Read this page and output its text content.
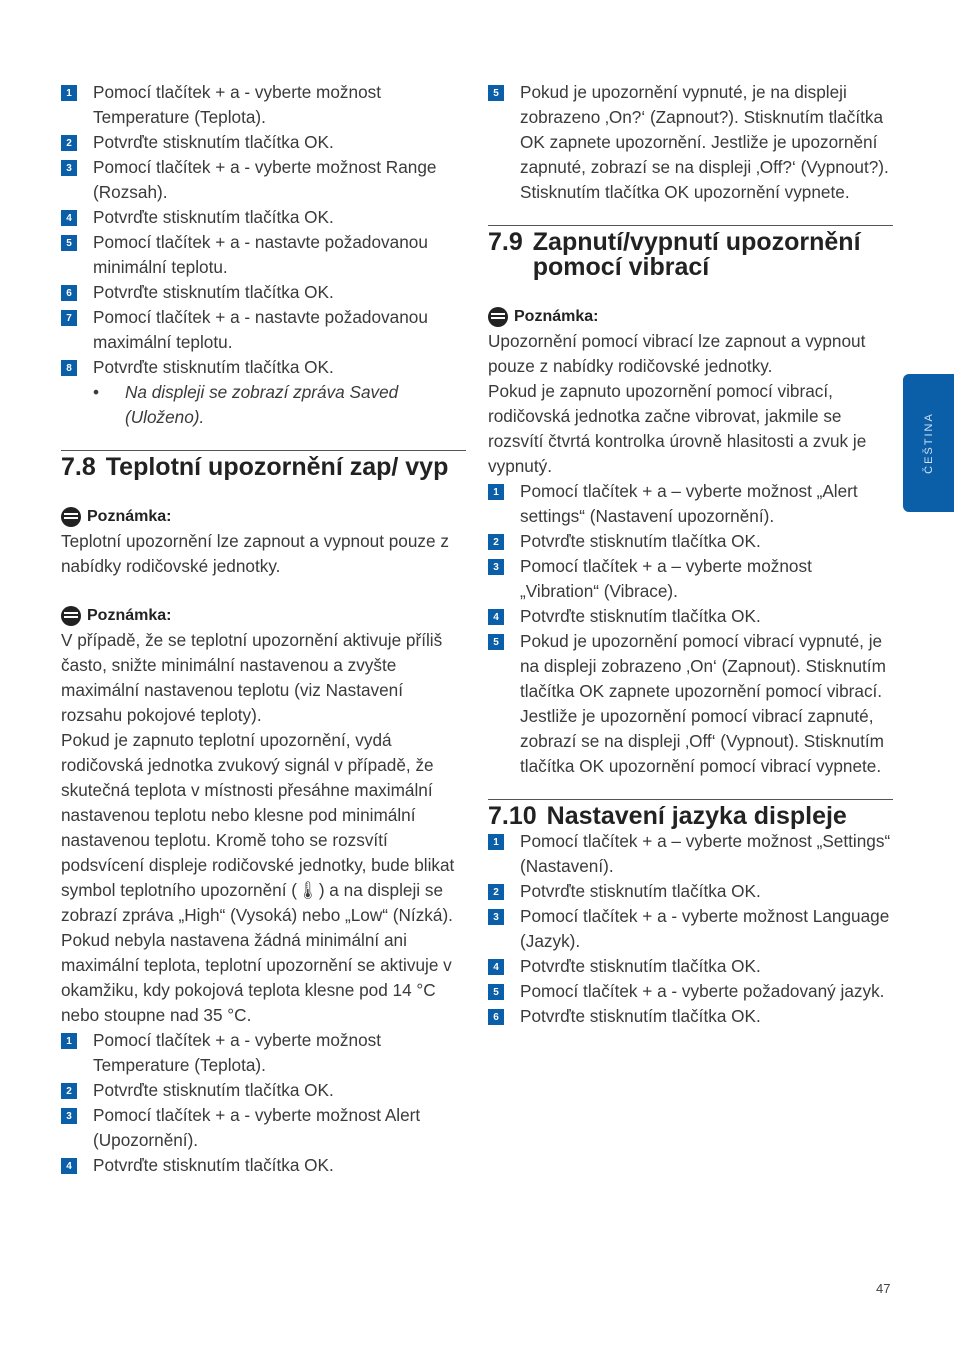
1	Pomocí tlačítek + a - vyberte možnost Temperature (Teplota).
2	Potvrďte stisknutím tlačítka OK.
3	Pomocí tlačítek + a - vyberte možnost Range (Rozsah).
4	Potvrďte stisknutím tlačítka OK.
5	Pomocí tlačítek + a - nastavte požadovanou minimální teplotu.
6	Potvrďte stisknutím tlačítka OK.
7	Pomocí tlačítek + a - nastavte požadovanou maximální teplotu.
8	Potvrďte stisknutím tlačítka OK.
•	Na displeji se zobrazí zpráva Saved (Uloženo).
7.8 Teplotní upozornění zap/ vyp
Poznámka:
Teplotní upozornění lze zapnout a vypnout pouze z nabídky rodičovské jednotky.
Poznámka:
V případě, že se teplotní upozornění aktivuje příliš často, snižte minimální nastavenou a zvyšte maximální nastavenou teplotu (viz Nastavení rozsahu pokojové teploty).
Pokud je zapnuto teplotní upozornění, vydá rodičovská jednotka zvukový signál v případě, že skutečná teplota v místnosti přesáhne maximální nastavenou teplotu nebo klesne pod minimální nastavenou teplotu. Kromě toho se rozsvítí podsvícení displeje rodičovské jednotky, bude blikat symbol teplotního upozornění (🌡) a na displeji se zobrazí zpráva „High“ (Vysoká) nebo „Low“ (Nízká). Pokud nebyla nastavena žádná minimální ani maximální teplota, teplotní upozornění se aktivuje v okamžiku, kdy pokojová teplota klesne pod 14 °C nebo stoupne nad 35 °C.
1	Pomocí tlačítek + a - vyberte možnost Temperature (Teplota).
2	Potvrďte stisknutím tlačítka OK.
3	Pomocí tlačítek + a - vyberte možnost Alert (Upozornění).
4	Potvrďte stisknutím tlačítka OK.
5	Pokud je upozornění vypnuté, je na displeji zobrazeno ‚On?‘ (Zapnout?). Stisknutím tlačítka OK zapnete upozornění. Jestliže je upozornění zapnuté, zobrazí se na displeji ‚Off?‘ (Vypnout?). Stisknutím tlačítka OK upozornění vypnete.
7.9 Zapnutí/vypnutí upozornění pomocí vibrací
Poznámka:
Upozornění pomocí vibrací lze zapnout a vypnout pouze z nabídky rodičovské jednotky.
Pokud je zapnuto upozornění pomocí vibrací, rodičovská jednotka začne vibrovat, jakmile se rozsvítí čtvrtá kontrolka úrovně hlasitosti a zvuk je vypnutý.
1	Pomocí tlačítek + a – vyberte možnost „Alert settings“ (Nastavení upozornění).
2	Potvrďte stisknutím tlačítka OK.
3	Pomocí tlačítek + a – vyberte možnost „Vibration“ (Vibrace).
4	Potvrďte stisknutím tlačítka OK.
5	Pokud je upozornění pomocí vibrací vypnuté, je na displeji zobrazeno ‚On‘ (Zapnout). Stisknutím tlačítka OK zapnete upozornění pomocí vibrací. Jestliže je upozornění pomocí vibrací zapnuté, zobrazí se na displeji ‚Off‘ (Vypnout). Stisknutím tlačítka OK upozornění pomocí vibrací vypnete.
7.10 Nastavení jazyka displeje
1	Pomocí tlačítek + a – vyberte možnost „Settings“ (Nastavení).
2	Potvrďte stisknutím tlačítka OK.
3	Pomocí tlačítek + a - vyberte možnost Language (Jazyk).
4	Potvrďte stisknutím tlačítka OK.
5	Pomocí tlačítek + a - vyberte požadovaný jazyk.
6	Potvrďte stisknutím tlačítka OK.
ČEŠTINA
47
